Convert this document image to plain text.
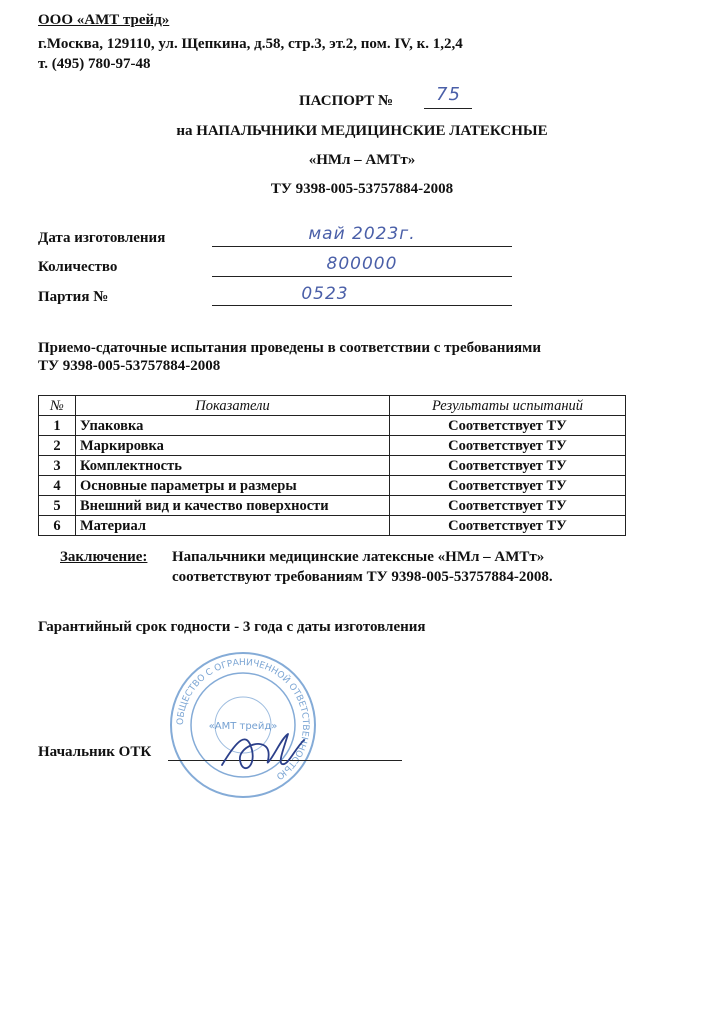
ООО «АМТ трейд»
г.Москва, 129110, ул. Щепкина, д.58, стр.3, эт.2, пом. IV, к. 1,2,4
т. (495) 780-97-48
ПАСПОРТ № 75
на НАПАЛЬЧНИКИ МЕДИЦИНСКИЕ ЛАТЕКСНЫЕ
«НМл – АМТт»
ТУ 9398-005-53757884-2008
Дата изготовления	май 2023г.
Количество	800000
Партия №	0523
Приемо-сдаточные испытания проведены в соответствии с требованиями
ТУ 9398-005-53757884-2008
№	Показатели	Результаты испытаний
1	Упаковка	Соответствует ТУ
2	Маркировка	Соответствует ТУ
3	Комплектность	Соответствует ТУ
4	Основные параметры и размеры	Соответствует ТУ
5	Внешний вид и качество поверхности	Соответствует ТУ
6	Материал	Соответствует ТУ
Заключение: Напальчники медицинские латексные «НМл – АМТт»
соответствуют требованиям ТУ 9398-005-53757884-2008.
Гарантийный срок годности - 3 года с даты изготовления
ОБЩЕСТВО С ОГРАНИЧЕННОЙ ОТВЕТСТВЕННОСТЬЮ
«АМТ трейд»
Начальник ОТК
